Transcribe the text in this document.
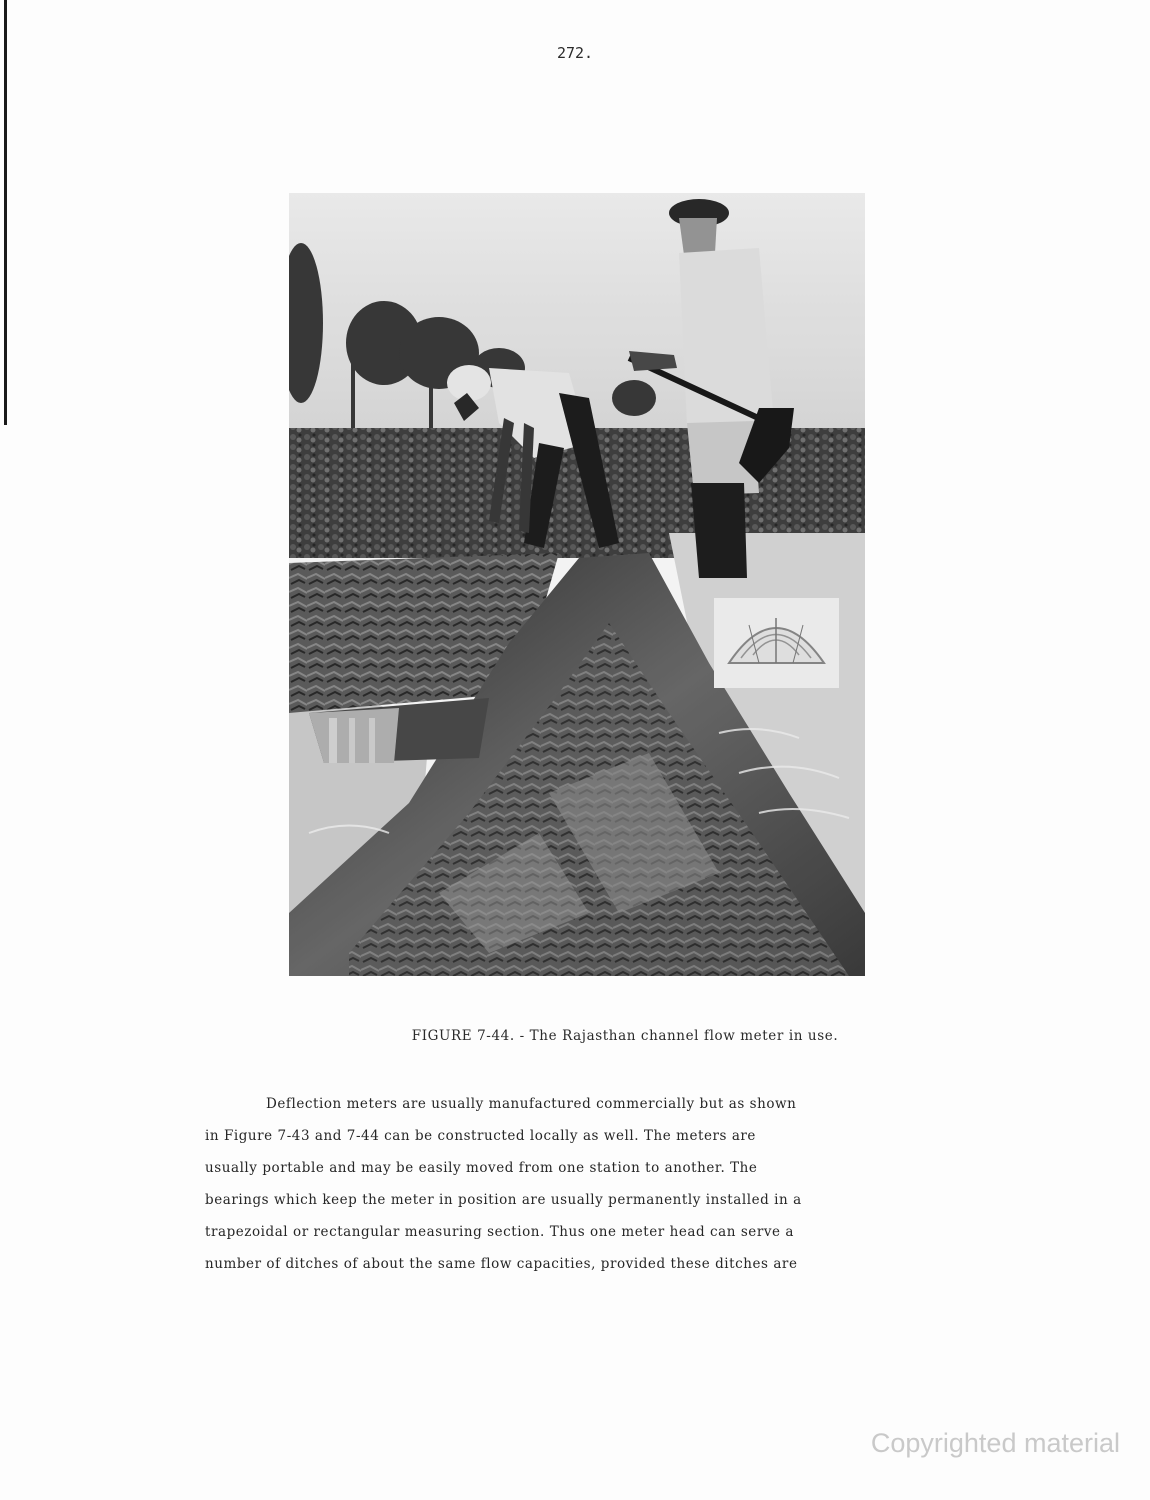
272.
FIGURE 7-44. - The Rajasthan channel flow meter in use.
Deflection meters are usually manufactured commercially but as shown
in Figure 7-43 and 7-44 can be constructed locally as well. The meters are
usually portable and may be easily moved from one station to another. The
bearings which keep the meter in position are usually permanently installed in a
trapezoidal or rectangular measuring section. Thus one meter head can serve a
number of ditches of about the same flow capacities, provided these ditches are
Copyrighted material
